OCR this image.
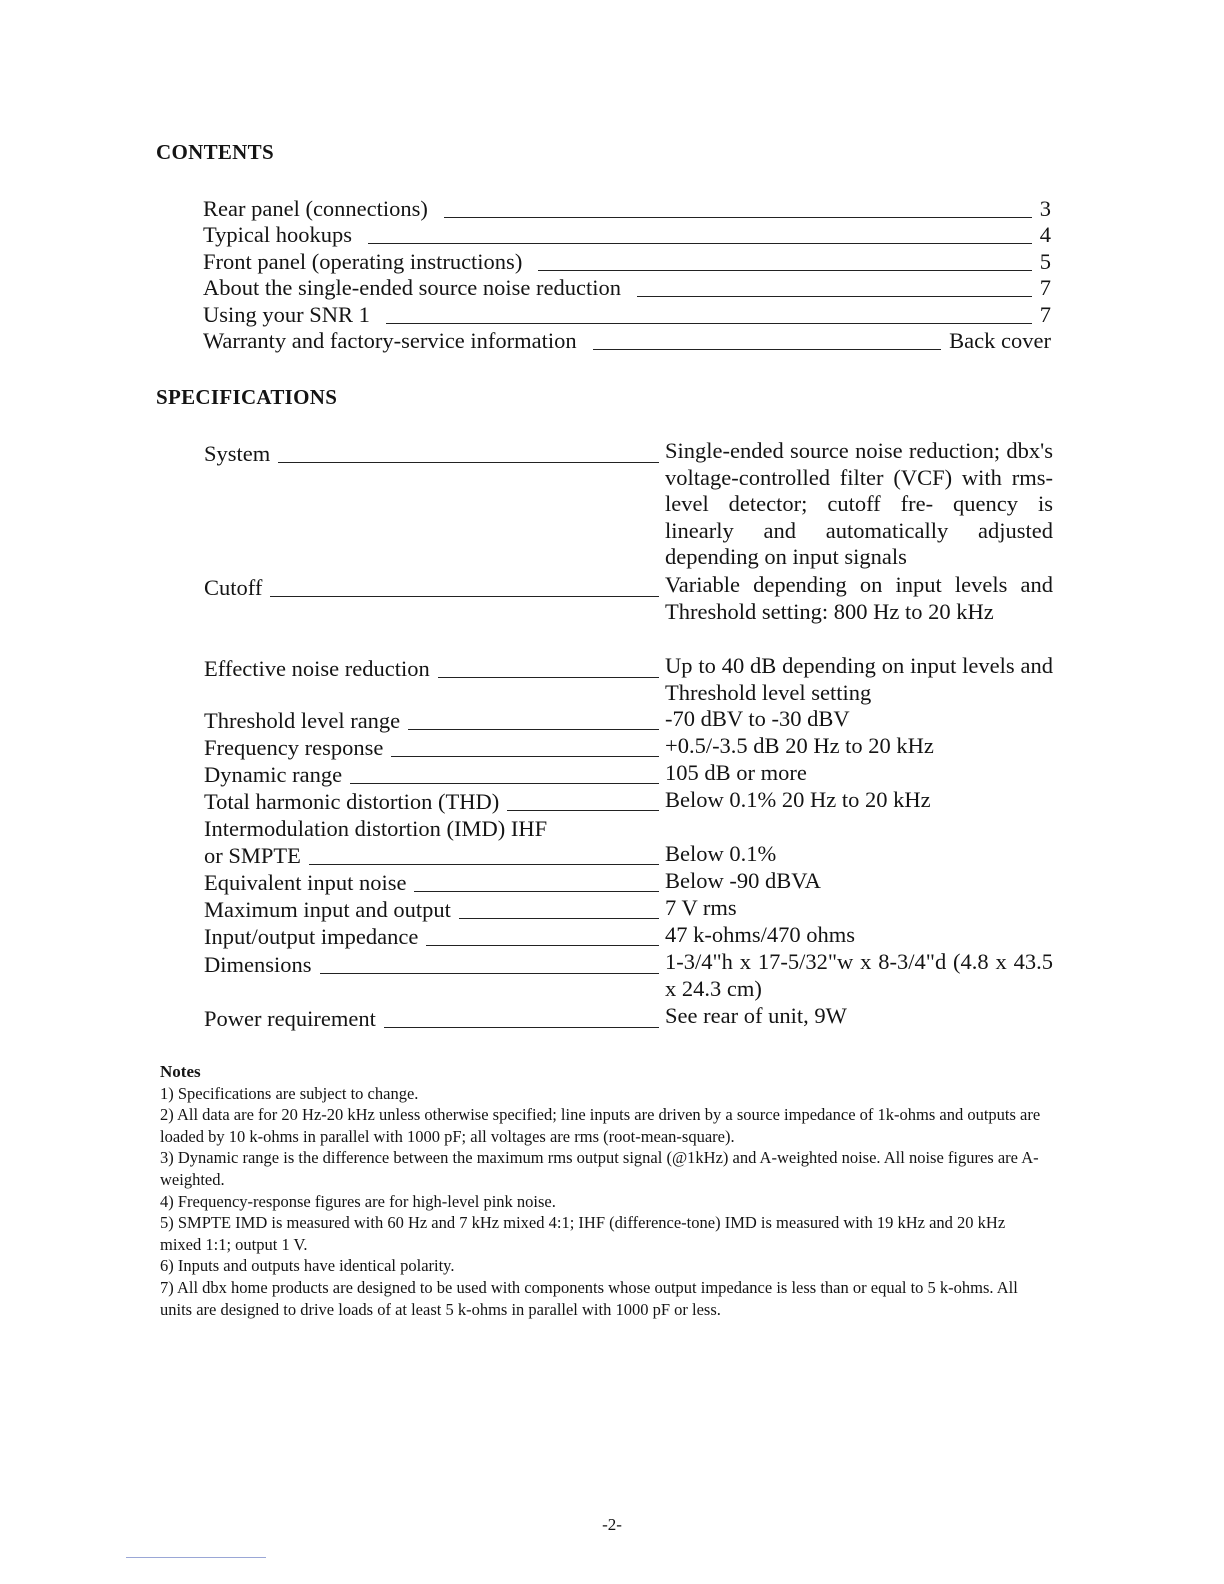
CONTENTS
Rear panel (connections)	3
Typical hookups	4
Front panel (operating instructions)	5
About the single-ended source noise reduction	7
Using your SNR 1	7
Warranty and factory-service information	Back cover
SPECIFICATIONS
System	Single-ended source noise reduction; dbx's voltage-controlled filter (VCF) with rms-level detector; cutoff fre- quency is linearly and automatically adjusted depending on input signals
Cutoff	Variable depending on input levels and Threshold setting: 800 Hz to 20 kHz
Effective noise reduction	Up to 40 dB depending on input levels and Threshold level setting
Threshold level range	-70 dBV to -30 dBV
Frequency response	+0.5/-3.5 dB 20 Hz to 20 kHz
Dynamic range	105 dB or more
Total harmonic distortion (THD)	Below 0.1% 20 Hz to 20 kHz
Intermodulation distortion (IMD) IHF
or SMPTE	Below 0.1%
Equivalent input noise	Below -90 dBVA
Maximum input and output	7 V rms
Input/output impedance	47 k-ohms/470 ohms
Dimensions	1-3/4"h x 17-5/32"w x 8-3/4"d (4.8 x 43.5 x 24.3 cm)
Power requirement	See rear of unit, 9W

Notes

1) Specifications are subject to change.

2) All data are for 20 Hz-20 kHz unless otherwise specified; line inputs are driven by a source impedance of 1k-ohms and outputs are loaded by 10 k-ohms in parallel with 1000 pF; all voltages are rms (root-mean-square).

3) Dynamic range is the difference between the maximum rms output signal (@1kHz) and A-weighted noise. All noise figures are A-weighted.

4) Frequency-response figures are for high-level pink noise.

5) SMPTE IMD is measured with 60 Hz and 7 kHz mixed 4:1; IHF (difference-tone) IMD is measured with 19 kHz and 20 kHz mixed 1:1; output 1 V.

6) Inputs and outputs have identical polarity.

7) All dbx home products are designed to be used with components whose output impedance is less than or equal to 5 k-ohms. All units are designed to drive loads of at least 5 k-ohms in parallel with 1000 pF or less.

-2-
